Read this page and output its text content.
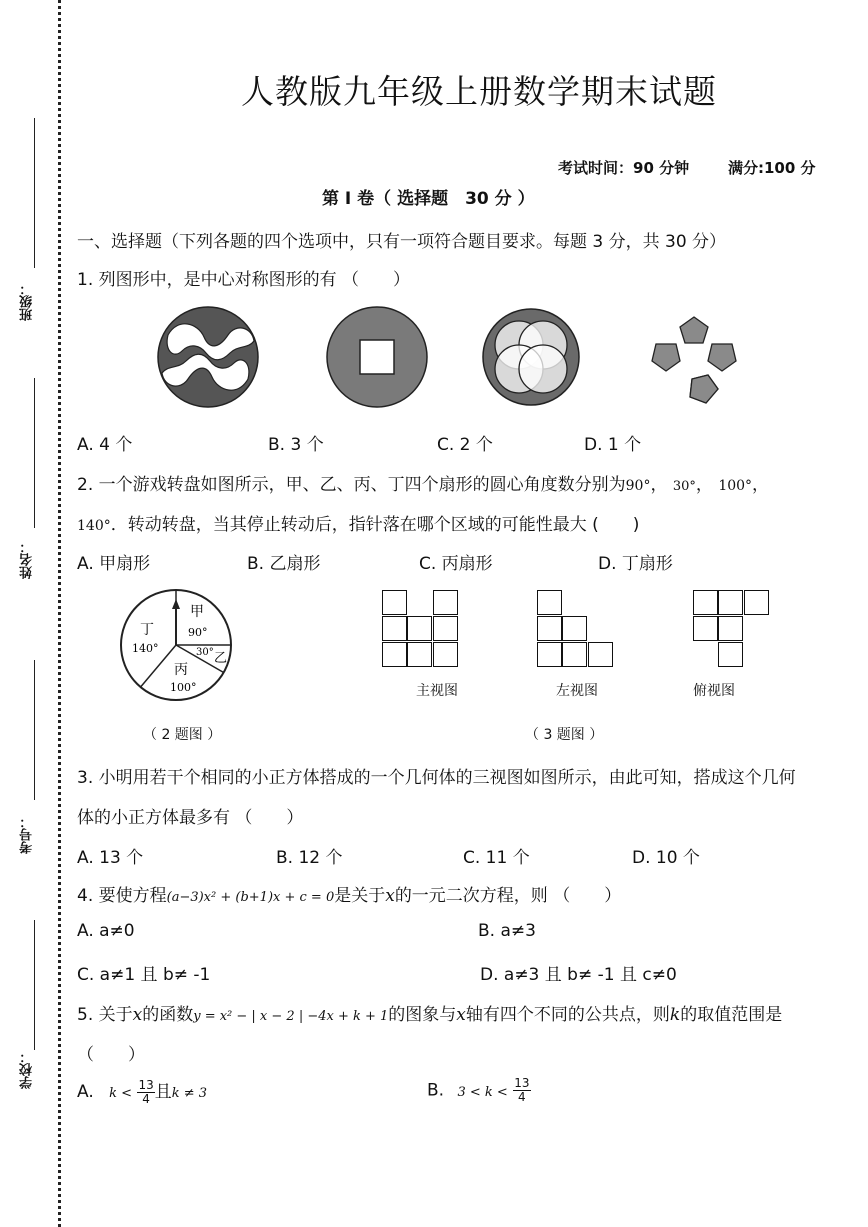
班级：
姓名：
考号：
学校：
人教版九年级上册数学期末试题
考试时间：90 分钟	满分:100 分
第 I 卷（ 选择题　30 分 ）
一、选择题（下列各题的四个选项中，只有一项符合题目要求。每题 3 分，共 30 分）
1. 列图形中，是中心对称图形的有 （　　）
A. 4 个	B. 3 个	C. 2 个	D. 1 个
2. 一个游戏转盘如图所示，甲、乙、丙、丁四个扇形的圆心角度数分别为90°， 30°， 100°，
140°．转动转盘，当其停止转动后，指针落在哪个区域的可能性最大 (　　)
A. 甲扇形	B. 乙扇形	C. 丙扇形	D. 丁扇形
甲
90°
乙
30°
丙
100°
丁
140°
（ 2 题图 ）
主视图	左视图	俯视图
（ 3 题图 ）
3. 小明用若干个相同的小正方体搭成的一个几何体的三视图如图所示，由此可知，搭成这个几何
体的小正方体最多有 （　　）
A. 13 个	B. 12 个	C. 11 个	D. 10 个
4. 要使方程(a−3)x² + (b+1)x + c = 0是关于x的一元二次方程，则 （　　）
A. a≠0	B. a≠3
C. a≠1 且 b≠ ‑1	D. a≠3 且 b≠ ‑1 且 c≠0
5. 关于x的函数y = x² − | x − 2 | −4x + k + 1的图象与x轴有四个不同的公共点，则k的取值范围是
（　　）
A. $k < \frac{13}{4}$ 且k ≠ 3	B. $3 < k < \frac{13}{4}$
